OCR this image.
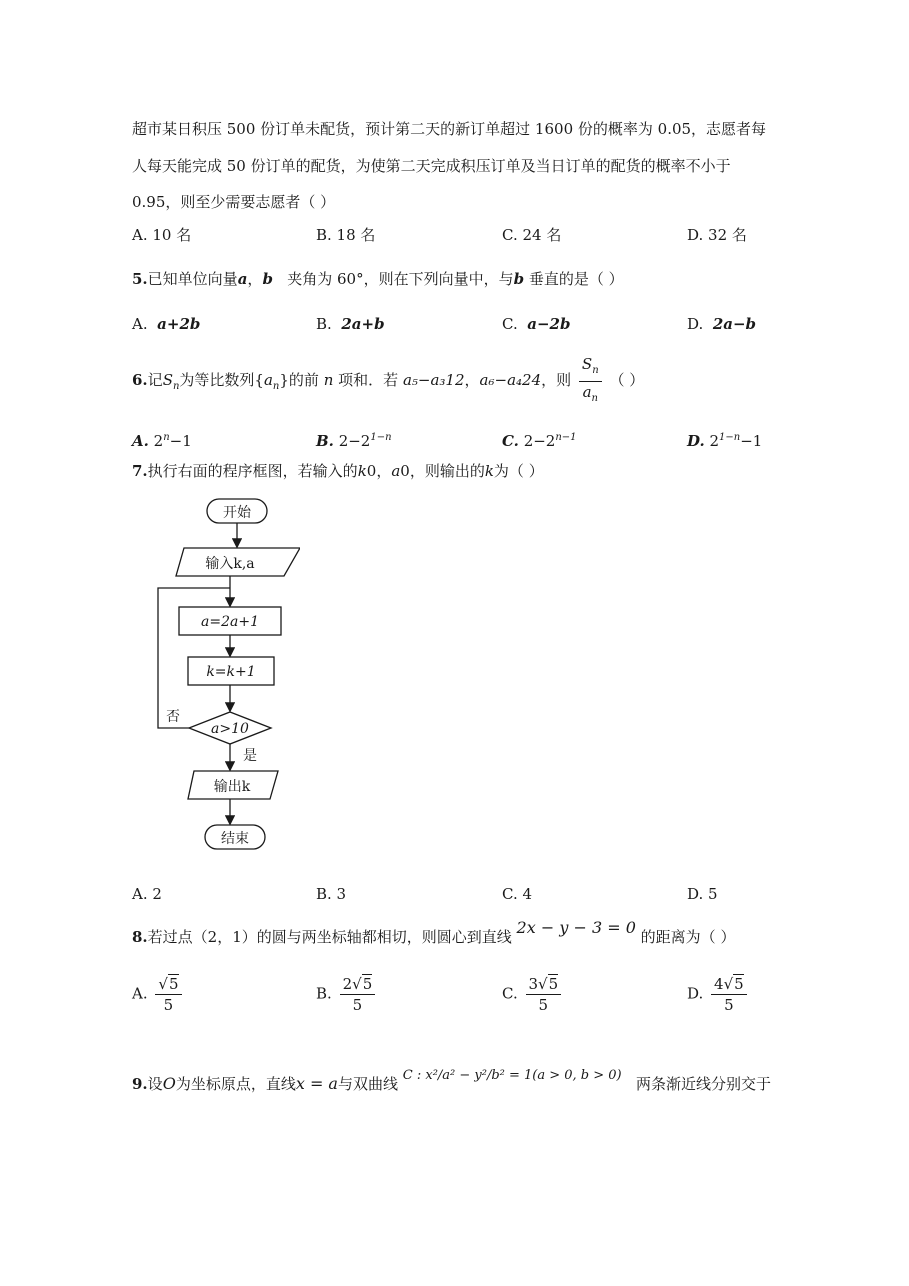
超市某日积压 500 份订单未配货，预计第二天的新订单超过 1600 份的概率为 0.05，志愿者每
人每天能完成 50 份订单的配货，为使第二天完成积压订单及当日订单的配货的概率不小于
0.95，则至少需要志愿者（ ）
A. 10 名	B. 18 名	C. 24 名	D. 32 名
5.已知单位向量a，b 夹角为 60°，则在下列向量中，与b 垂直的是（ ）
A. a+2b	B. 2a+b	C. a−2b	D. 2a−b
6.记$S_n$为等比数列$\{a_n\}$的前 n 项和．若 a₅−a₃12，a₆−a₄24，则 $\frac{S_n}{a_n}$ （ ）
A. $2^n-1$	B. $2-2^{1-n}$	C. $2-2^{n-1}$	D. $2^{1-n}-1$
7.执行右面的程序框图，若输入的k0，a0，则输出的k为（ ）
开始
输入k,a
a=2a+1
k=k+1
a>10
否
是
输出k
结束
A. 2	B. 3	C. 4	D. 5
8.若过点（2，1）的圆与两坐标轴都相切，则圆心到直线 2x − y − 3 = 0 的距离为（ ）
A. $\frac{√5}{5}$	B. $\frac{2√5}{5}$	C. $\frac{3√5}{5}$	D. $\frac{4√5}{5}$
9.设O为坐标原点，直线x = a与双曲线 C : x²/a² − y²/b² = 1(a > 0, b > 0) 两条渐近线分别交于
